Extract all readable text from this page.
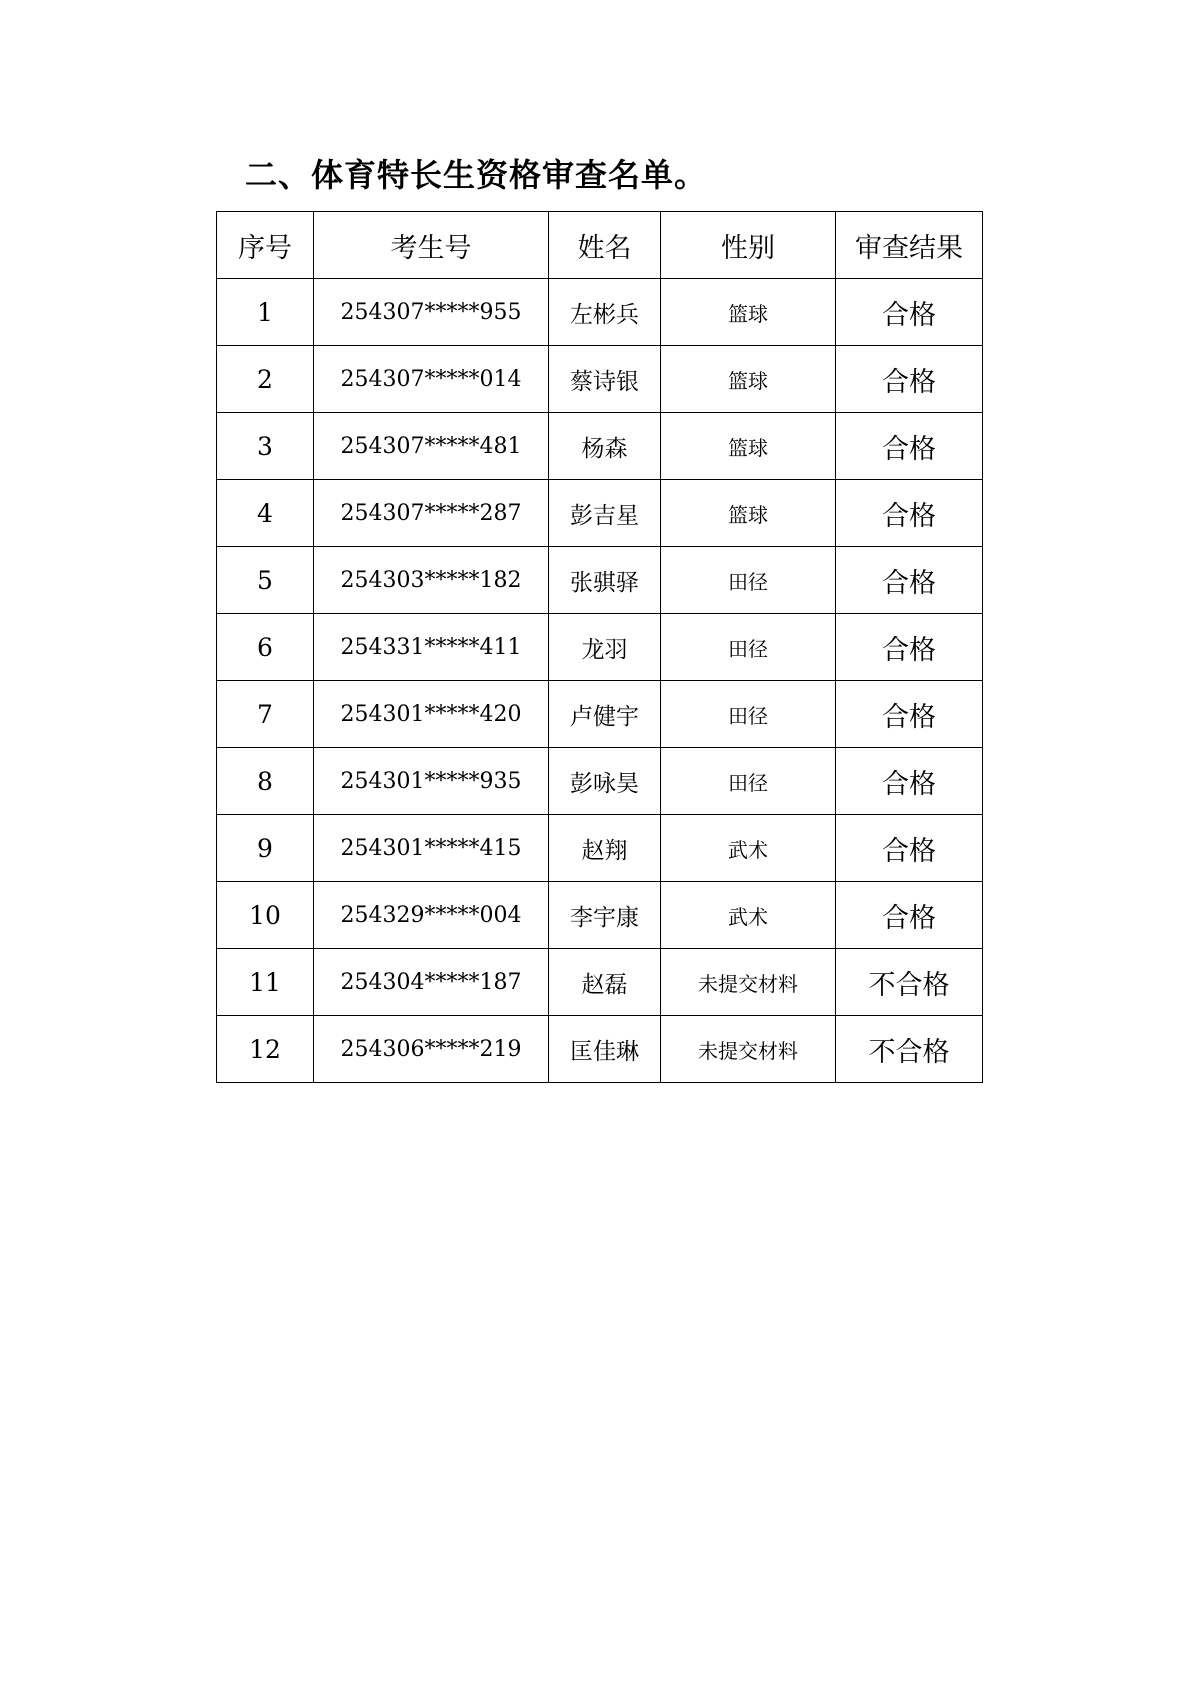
二、体育特长生资格审查名单。
序号	考生号	姓名	性别	审查结果
1	254307*****955	左彬兵	篮球	合格
2	254307*****014	蔡诗银	篮球	合格
3	254307*****481	杨森	篮球	合格
4	254307*****287	彭吉星	篮球	合格
5	254303*****182	张骐驿	田径	合格
6	254331*****411	龙羽	田径	合格
7	254301*****420	卢健宇	田径	合格
8	254301*****935	彭咏昊	田径	合格
9	254301*****415	赵翔	武术	合格
10	254329*****004	李宇康	武术	合格
11	254304*****187	赵磊	未提交材料	不合格
12	254306*****219	匡佳琳	未提交材料	不合格
